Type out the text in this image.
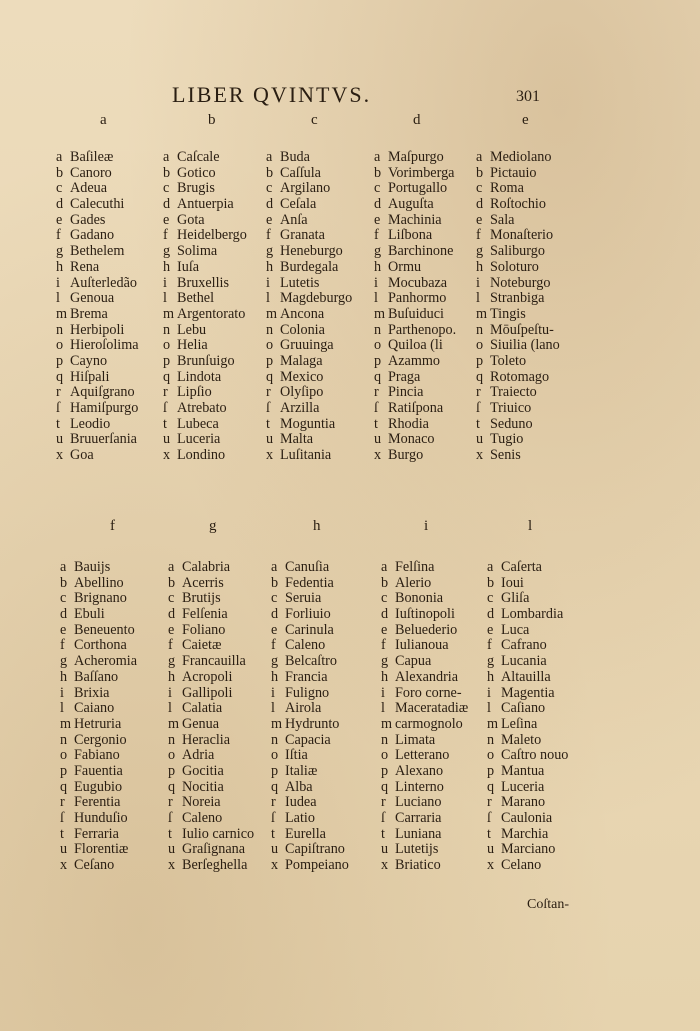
LIBER QVINTVS.	301
a
a Baſileæ
b Canoro
c Adeua
d Calecuthi
e Gades
f Gadano
g Bethelem
h Rena
i Auſterledão
l Genoua
m Brema
n Herbipoli
o Hieroſolima
p Cayno
q Hiſpali
r Aquiſgrano
ſ Hamiſpurgo
t Leodio
u Bruuerſania
x Goa
b
a Caſcale
b Gotico
c Brugis
d Antuerpia
e Gota
f Heidelbergo
g Solima
h Iuſa
i Bruxellis
l Bethel
m Argentorato
n Lebu
o Helia
p Brunſuigo
q Lindota
r Lipſio
ſ Atrebato
t Lubeca
u Luceria
x Londino
c
a Buda
b Caſſula
c Argilano
d Ceſala
e Anſa
f Granata
g Heneburgo
h Burdegala
i Lutetis
l Magdeburgo
m Ancona
n Colonia
o Gruuinga
p Malaga
q Mexico
r Olyſipo
ſ Arzilla
t Moguntia
u Malta
x Luſitania
d
a Maſpurgo
b Vorimberga
c Portugallo
d Auguſta
e Machinia
f Liſbona
g Barchinone
h Ormu
i Mocubaza
l Panhormo
m Buſuiduci
n Parthenopo.
o Quiloa (li
p Azammo
q Praga
r Pincia
ſ Ratiſpona
t Rhodia
u Monaco
x Burgo
e
a Mediolano
b Pictauio
c Roma
d Roſtochio
e Sala
f Monaſterio
g Saliburgo
h Soloturo
i Noteburgo
l Stranbiga
m Tingis
n Mōuſpeſtu-
o Siuilia (lano
p Toleto
q Rotomago
r Traiecto
ſ Triuico
t Seduno
u Tugio
x Senis
f
a Bauijs
b Abellino
c Brignano
d Ebuli
e Beneuento
f Corthona
g Acheromia
h Baſſano
i Brixia
l Caiano
m Hetruria
n Cergonio
o Fabiano
p Fauentia
q Eugubio
r Ferentia
ſ Hunduſio
t Ferraria
u Florentiæ
x Ceſano
g
a Calabria
b Acerris
c Brutijs
d Felſenia
e Foliano
f Caietæ
g Francauilla
h Acropoli
i Gallipoli
l Calatia
m Genua
n Heraclia
o Adria
p Gocitia
q Nocitia
r Noreia
ſ Caleno
t Iulio carnico
u Graſignana
x Berſeghella
h
a Canuſia
b Fedentia
c Seruia
d Forliuio
e Carinula
f Caleno
g Belcaſtro
h Francia
i Fuligno
l Airola
m Hydrunto
n Capacia
o Iſtia
p Italiæ
q Alba
r Iudea
ſ Latio
t Eurella
u Capiſtrano
x Pompeiano
i
a Felſina
b Alerio
c Bononia
d Iuſtinopoli
e Beluederio
f Iulianoua
g Capua
h Alexandria
i Foro corne-
l Maceratadiæ
m carmognolo
n Limata
o Letterano
p Alexano
q Linterno
r Luciano
ſ Carraria
t Luniana
u Lutetijs
x Briatico
l
a Caſerta
b Ioui
c Gliſa
d Lombardia
e Luca
f Cafrano
g Lucania
h Altauilla
i Magentia
l Caſiano
m Leſina
n Maleto
o Caſtro nouo
p Mantua
q Luceria
r Marano
ſ Caulonia
t Marchia
u Marciano
x Celano
Coſtan-
